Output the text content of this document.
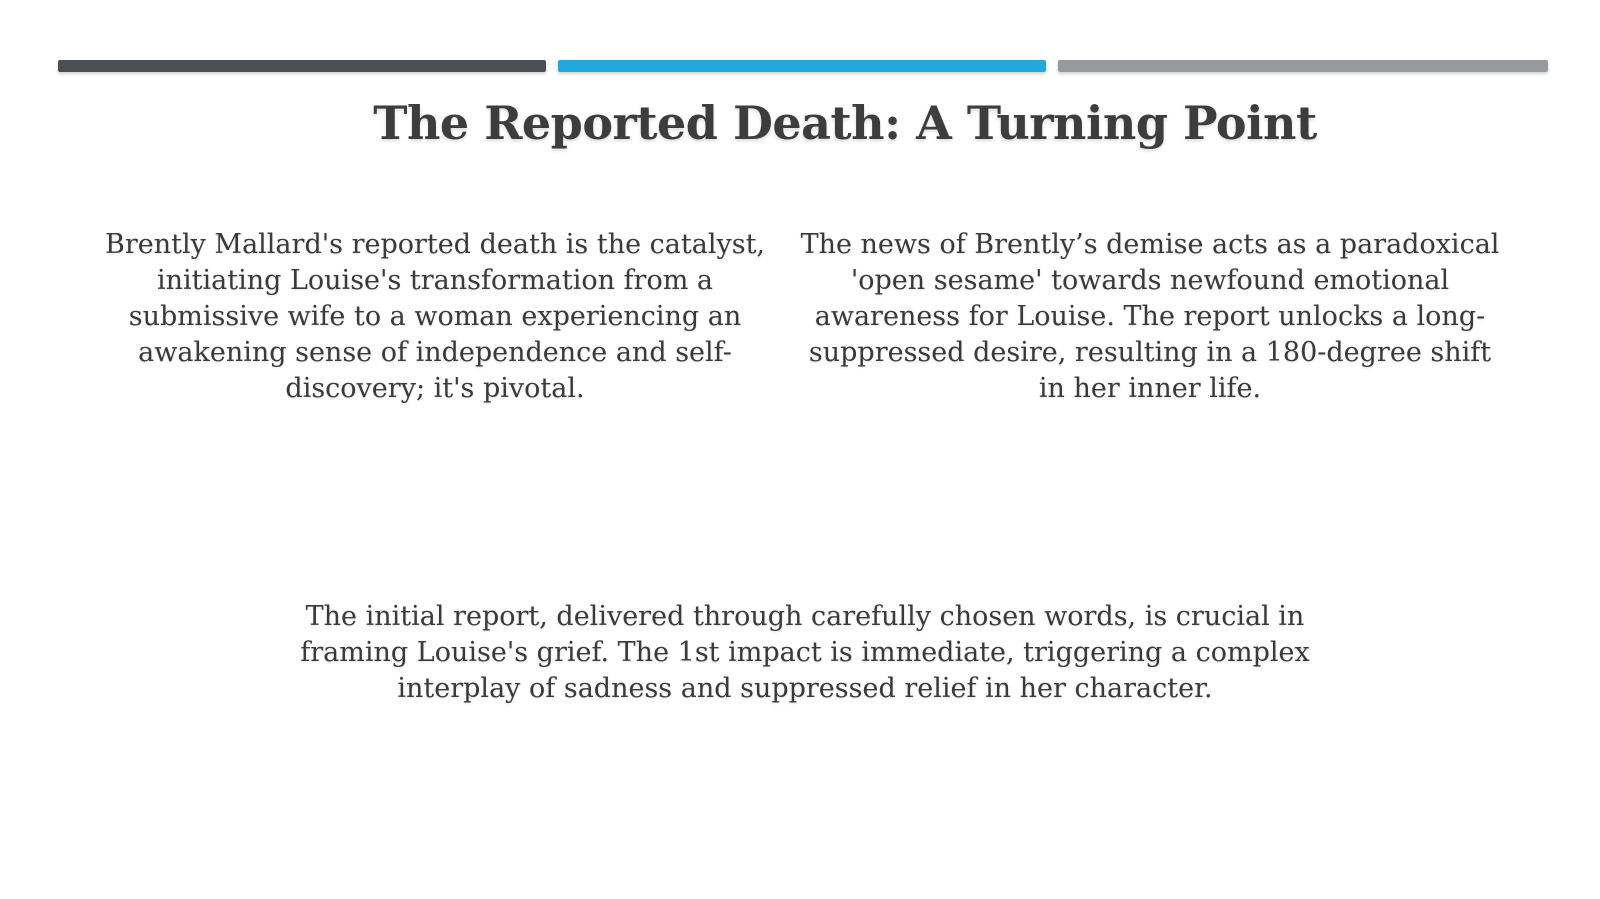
The Reported Death: A Turning Point

Brently Mallard's reported death is the catalyst, initiating Louise's transformation from a submissive wife to a woman experiencing an awakening sense of independence and self-discovery; it's pivotal.

The news of Brently’s demise acts as a paradoxical 'open sesame' towards newfound emotional awareness for Louise. The report unlocks a long-suppressed desire, resulting in a 180-degree shift in her inner life.

The initial report, delivered through carefully chosen words, is crucial in framing Louise's grief. The 1st impact is immediate, triggering a complex interplay of sadness and suppressed relief in her character.
